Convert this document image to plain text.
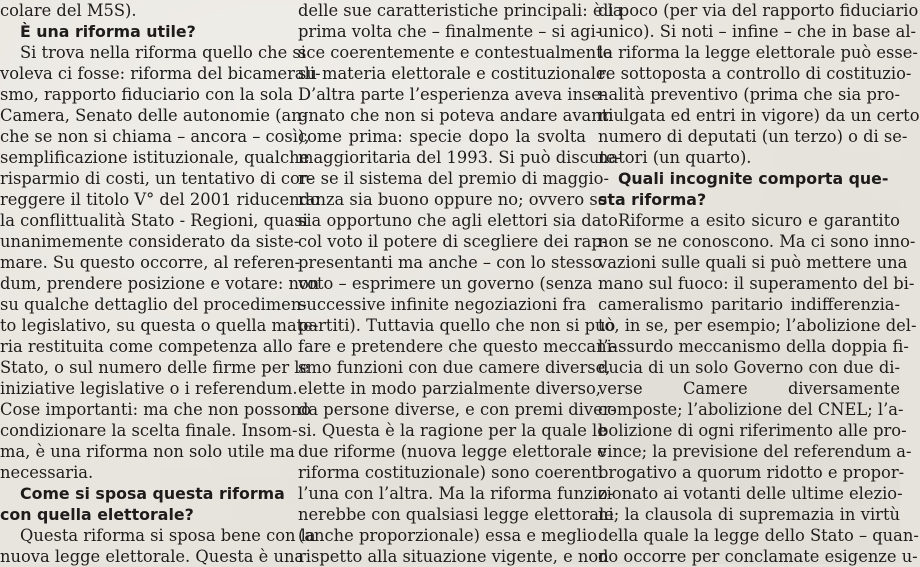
colare del M5S).
È una riforma utile?
Si trova nella riforma quello che si
voleva ci fosse: riforma del bicamerali-
smo, rapporto fiduciario con la sola
Camera, Senato delle autonomie (an-
che se non si chiama – ancora – così),
semplificazione istituzionale, qualche
risparmio di costi, un tentativo di cor-
reggere il titolo V° del 2001 riducendo
la conflittualità Stato - Regioni, quasi
unanimemente considerato da siste-
mare. Su questo occorre, al referen-
dum, prendere posizione e votare: non
su qualche dettaglio del procedimen-
to legislativo, su questa o quella mate-
ria restituita come competenza allo
Stato, o sul numero delle firme per le
iniziative legislative o i referendum.
Cose importanti: ma che non possono
condizionare la scelta finale. Insom-
ma, è una riforma non solo utile ma
necessaria.
Come si sposa questa riforma
con quella elettorale?
Questa riforma si sposa bene con la
nuova legge elettorale. Questa è una
delle sue caratteristiche principali: è la
prima volta che – finalmente – si agi-
sce coerentemente e contestualmente
su materia elettorale e costituzionale.
D’altra parte l’esperienza aveva inse-
gnato che non si poteva andare avanti
come prima: specie dopo la svolta
maggioritaria del 1993. Si può discute-
re se il sistema del premio di maggio-
ranza sia buono oppure no; ovvero se
sia opportuno che agli elettori sia dato
col voto il potere di scegliere dei rap-
presentanti ma anche – con lo stesso
voto – esprimere un governo (senza
successive infinite negoziazioni fra
partiti). Tuttavia quello che non si può
fare e pretendere che questo meccani-
smo funzioni con due camere diverse,
elette in modo parzialmente diverso,
da persone diverse, e con premi diver-
si. Questa è la ragione per la quale le
due riforme (nuova legge elettorale e
riforma costituzionale) sono coerenti
l’una con l’altra. Ma la riforma funzio-
nerebbe con qualsiasi legge elettorale
(anche proporzionale) essa e meglio
rispetto alla situazione vigente, e non
di poco (per via del rapporto fiduciario
unico). Si noti – infine – che in base al-
la riforma la legge elettorale può esse-
re sottoposta a controllo di costituzio-
nalità preventivo (prima che sia pro-
mulgata ed entri in vigore) da un certo
numero di deputati (un terzo) o di se-
natori (un quarto).
Quali incognite comporta que-
sta riforma?
Riforme a esito sicuro e garantito
non se ne conoscono. Ma ci sono inno-
vazioni sulle quali si può mettere una
mano sul fuoco: il superamento del bi-
cameralismo paritario indifferenzia-
to, in se, per esempio; l’abolizione del-
l’assurdo meccanismo della doppia fi-
ducia di un solo Governo con due di-
verse Camere diversamente
composte; l’abolizione del CNEL; l’a-
bolizione di ogni riferimento alle pro-
vince; la previsione del referendum a-
brogativo a quorum ridotto e propor-
zionato ai votanti delle ultime elezio-
ni; la clausola di supremazia in virtù
della quale la legge dello Stato – quan-
do occorre per conclamate esigenze u-
